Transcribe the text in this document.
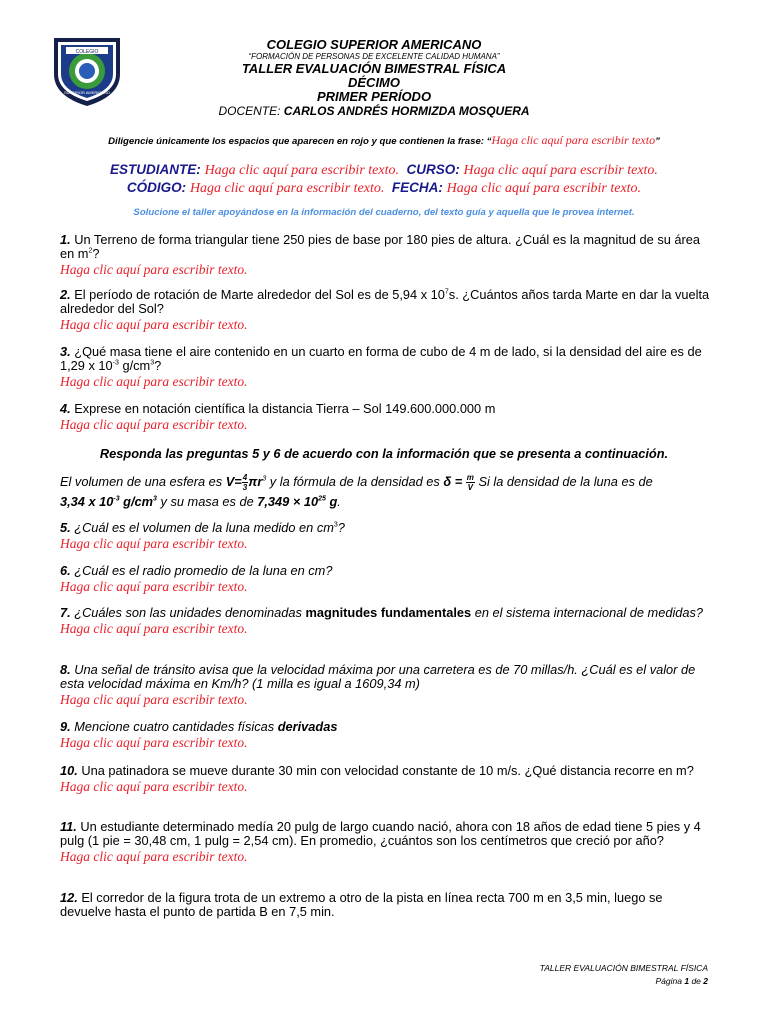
COLEGIO
SUPERIOR AMERICANO
COLEGIO SUPERIOR AMERICANO
“FORMACIÓN DE PERSONAS DE EXCELENTE CALIDAD HUMANA”
TALLER EVALUACIÓN BIMESTRAL FÍSICA
DÉCIMO
PRIMER PERÍODO
DOCENTE: CARLOS ANDRÉS HORMIZDA MOSQUERA
Diligencie únicamente los espacios que aparecen en rojo y que contienen la frase: “Haga clic aquí para escribir texto”
ESTUDIANTE: Haga clic aquí para escribir texto. CURSO: Haga clic aquí para escribir texto.
CÓDIGO: Haga clic aquí para escribir texto. FECHA: Haga clic aquí para escribir texto.
Solucione el taller apoyándose en la información del cuaderno, del texto guía y aquella que le provea internet.
1. Un Terreno de forma triangular tiene 250 pies de base por 180 pies de altura. ¿Cuál es la magnitud de su área en $m^2$?
Haga clic aquí para escribir texto.
2. El período de rotación de Marte alrededor del Sol es de 5,94 x $10^7s$. ¿Cuántos años tarda Marte en dar la vuelta alrededor del Sol?
Haga clic aquí para escribir texto.
3. ¿Qué masa tiene el aire contenido en un cuarto en forma de cubo de 4 m de lado, si la densidad del aire es de 1,29 x $10^{-3}$ $g/cm^3$?
Haga clic aquí para escribir texto.
4. Exprese en notación científica la distancia Tierra – Sol 149.600.000.000 m
Haga clic aquí para escribir texto.
Responda las preguntas 5 y 6 de acuerdo con la información que se presenta a continuación.
El volumen de una esfera es $V= \frac{4}{3} \pi r^3$ y la fórmula de la densidad es $\delta = \frac{m}{V}$ Si la densidad de la luna es de
3,34 x $10^{-3}$ $g/cm^3$ y su masa es de $7,349 \times 10^{25}$ g.
5. ¿Cuál es el volumen de la luna medido en $cm^3$?
Haga clic aquí para escribir texto.
6. ¿Cuál es el radio promedio de la luna en cm?
Haga clic aquí para escribir texto.
7. ¿Cuáles son las unidades denominadas magnitudes fundamentales en el sistema internacional de medidas?
Haga clic aquí para escribir texto.
8. Una señal de tránsito avisa que la velocidad máxima por una carretera es de 70 millas/h. ¿Cuál es el valor de esta velocidad máxima en Km/h? (1 milla es igual a 1609,34 m)
Haga clic aquí para escribir texto.
9. Mencione cuatro cantidades físicas derivadas
Haga clic aquí para escribir texto.
10. Una patinadora se mueve durante 30 min con velocidad constante de 10 m/s. ¿Qué distancia recorre en m?
Haga clic aquí para escribir texto.
11. Un estudiante determinado medía 20 pulg de largo cuando nació, ahora con 18 años de edad tiene 5 pies y 4 pulg (1 pie = 30,48 cm, 1 pulg = 2,54 cm). En promedio, ¿cuántos son los centímetros que creció por año?
Haga clic aquí para escribir texto.
12. El corredor de la figura trota de un extremo a otro de la pista en línea recta 700 m en 3,5 min, luego se devuelve hasta el punto de partida B en 7,5 min.
TALLER EVALUACIÓN BIMESTRAL FÍSICA
Página 1 de 2
